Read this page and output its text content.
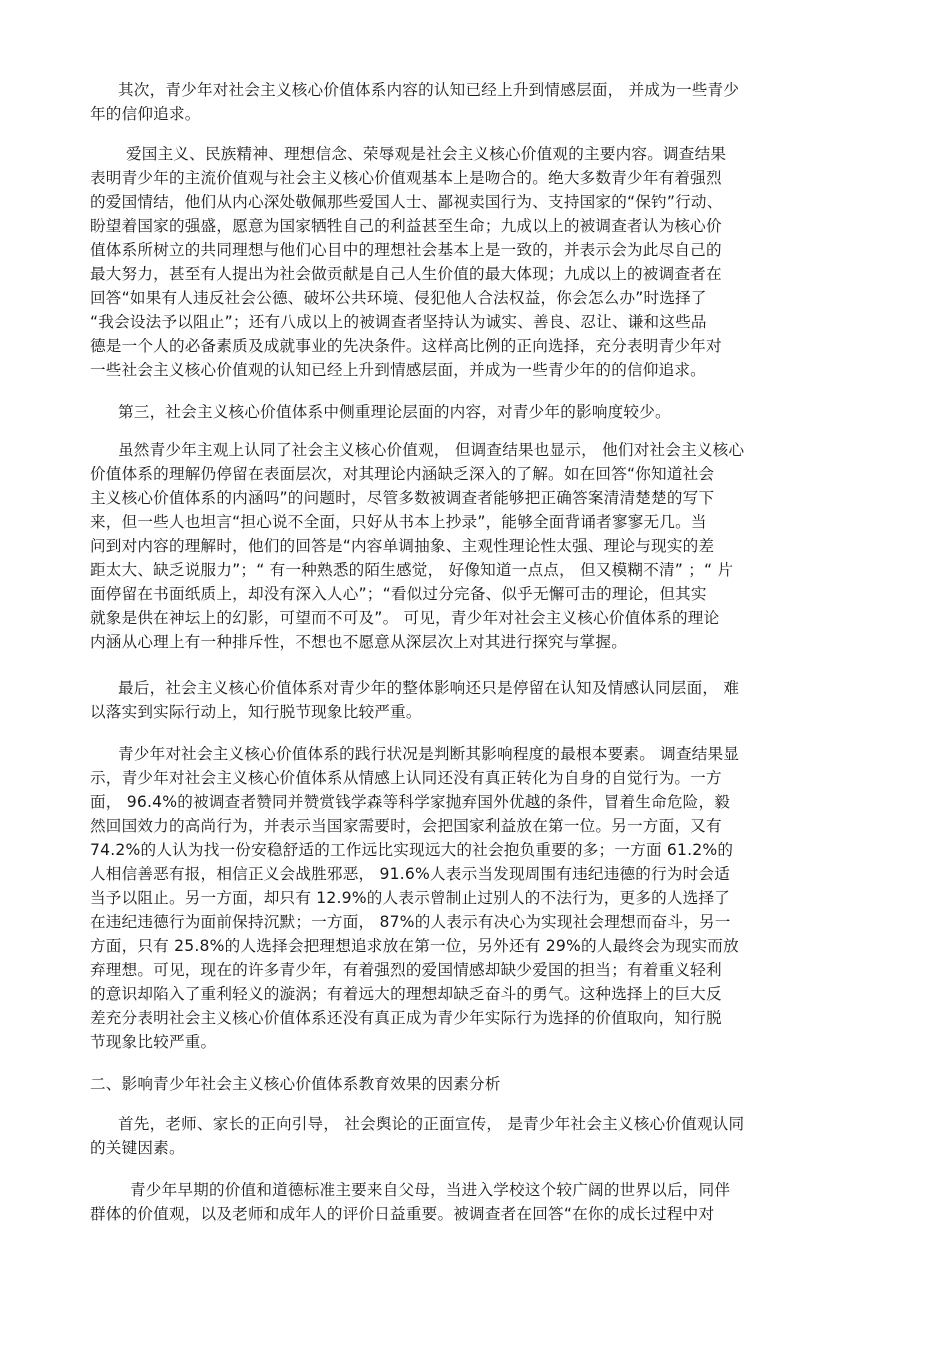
其次，青少年对社会主义核心价值体系内容的认知已经上升到情感层面， 并成为一些青少
年的信仰追求。
爱国主义、民族精神、理想信念、荣辱观是社会主义核心价值观的主要内容。调查结果
表明青少年的主流价值观与社会主义核心价值观基本上是吻合的。绝大多数青少年有着强烈
的爱国情结，他们从内心深处敬佩那些爱国人士、鄙视卖国行为、支持国家的“保钓”行动、
盼望着国家的强盛，愿意为国家牺牲自己的利益甚至生命；九成以上的被调查者认为核心价
值体系所树立的共同理想与他们心目中的理想社会基本上是一致的，并表示会为此尽自己的
最大努力，甚至有人提出为社会做贡献是自己人生价值的最大体现；九成以上的被调查者在
回答“如果有人违反社会公德、破坏公共环境、侵犯他人合法权益，你会怎么办”时选择了
“我会设法予以阻止”；还有八成以上的被调查者坚持认为诚实、善良、忍让、谦和这些品
德是一个人的必备素质及成就事业的先决条件。这样高比例的正向选择，充分表明青少年对
一些社会主义核心价值观的认知已经上升到情感层面，并成为一些青少年的的信仰追求。
第三，社会主义核心价值体系中侧重理论层面的内容，对青少年的影响度较少。
虽然青少年主观上认同了社会主义核心价值观， 但调查结果也显示， 他们对社会主义核心
价值体系的理解仍停留在表面层次，对其理论内涵缺乏深入的了解。如在回答“你知道社会
主义核心价值体系的内涵吗”的问题时，尽管多数被调查者能够把正确答案清清楚楚的写下
来，但一些人也坦言“担心说不全面，只好从书本上抄录”，能够全面背诵者寥寥无几。当
问到对内容的理解时，他们的回答是“内容单调抽象、主观性理论性太强、理论与现实的差
距太大、缺乏说服力”；“ 有一种熟悉的陌生感觉， 好像知道一点点， 但又模糊不清” ；“ 片
面停留在书面纸质上，却没有深入人心”；“看似过分完备、似乎无懈可击的理论，但其实
就象是供在神坛上的幻影，可望而不可及”。 可见，青少年对社会主义核心价值体系的理论
内涵从心理上有一种排斥性，不想也不愿意从深层次上对其进行探究与掌握。
最后，社会主义核心价值体系对青少年的整体影响还只是停留在认知及情感认同层面， 难
以落实到实际行动上，知行脱节现象比较严重。
青少年对社会主义核心价值体系的践行状况是判断其影响程度的最根本要素。 调查结果显
示，青少年对社会主义核心价值体系从情感上认同还没有真正转化为自身的自觉行为。一方
面， 96.4%的被调查者赞同并赞赏钱学森等科学家抛弃国外优越的条件，冒着生命危险，毅
然回国效力的高尚行为，并表示当国家需要时，会把国家利益放在第一位。另一方面，又有
74.2%的人认为找一份安稳舒适的工作远比实现远大的社会抱负重要的多；一方面 61.2%的
人相信善恶有报，相信正义会战胜邪恶， 91.6%人表示当发现周围有违纪违德的行为时会适
当予以阻止。另一方面，却只有 12.9%的人表示曾制止过别人的不法行为，更多的人选择了
在违纪违德行为面前保持沉默；一方面， 87%的人表示有决心为实现社会理想而奋斗，另一
方面，只有 25.8%的人选择会把理想追求放在第一位，另外还有 29%的人最终会为现实而放
弃理想。可见，现在的许多青少年，有着强烈的爱国情感却缺少爱国的担当；有着重义轻利
的意识却陷入了重利轻义的漩涡；有着远大的理想却缺乏奋斗的勇气。这种选择上的巨大反
差充分表明社会主义核心价值体系还没有真正成为青少年实际行为选择的价值取向，知行脱
节现象比较严重。
二、影响青少年社会主义核心价值体系教育效果的因素分析
首先，老师、家长的正向引导， 社会舆论的正面宣传， 是青少年社会主义核心价值观认同
的关键因素。
青少年早期的价值和道德标准主要来自父母，当进入学校这个较广阔的世界以后，同伴
群体的价值观，以及老师和成年人的评价日益重要。被调查者在回答“在你的成长过程中对
